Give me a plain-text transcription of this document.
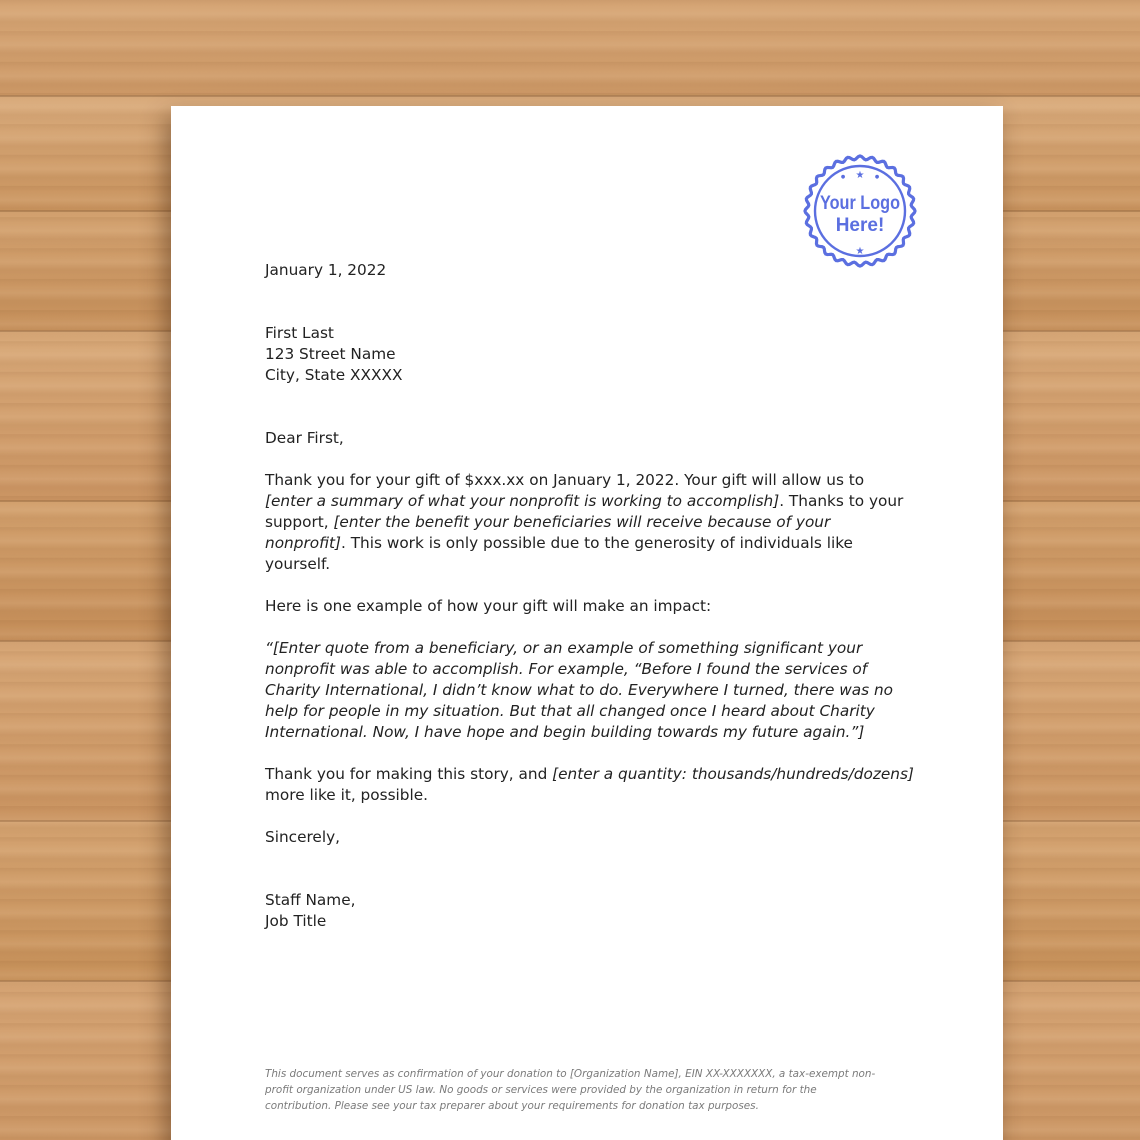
★
●	●
Your Logo
Here!
★

January 1, 2022

First Last

123 Street Name

City, State XXXXX

Dear First,

Thank you for your gift of $xxx.xx on January 1, 2022. Your gift will allow us to [enter a summary of what your nonprofit is working to accomplish]. Thanks to your support, [enter the benefit your beneficiaries will receive because of your nonprofit]. This work is only possible due to the generosity of individuals like yourself.

Here is one example of how your gift will make an impact:

“[Enter quote from a beneficiary, or an example of something significant your nonprofit was able to accomplish. For example, “Before I found the services of Charity International, I didn’t know what to do. Everywhere I turned, there was no help for people in my situation. But that all changed once I heard about Charity International. Now, I have hope and begin building towards my future again.”]

Thank you for making this story, and [enter a quantity: thousands/hundreds/dozens] more like it, possible.

Sincerely,

Staff Name,

Job Title

This document serves as confirmation of your donation to [Organization Name], EIN XX-XXXXXXX, a tax-exempt non-profit organization under US law. No goods or services were provided by the organization in return for the contribution. Please see your tax preparer about your requirements for donation tax purposes.
